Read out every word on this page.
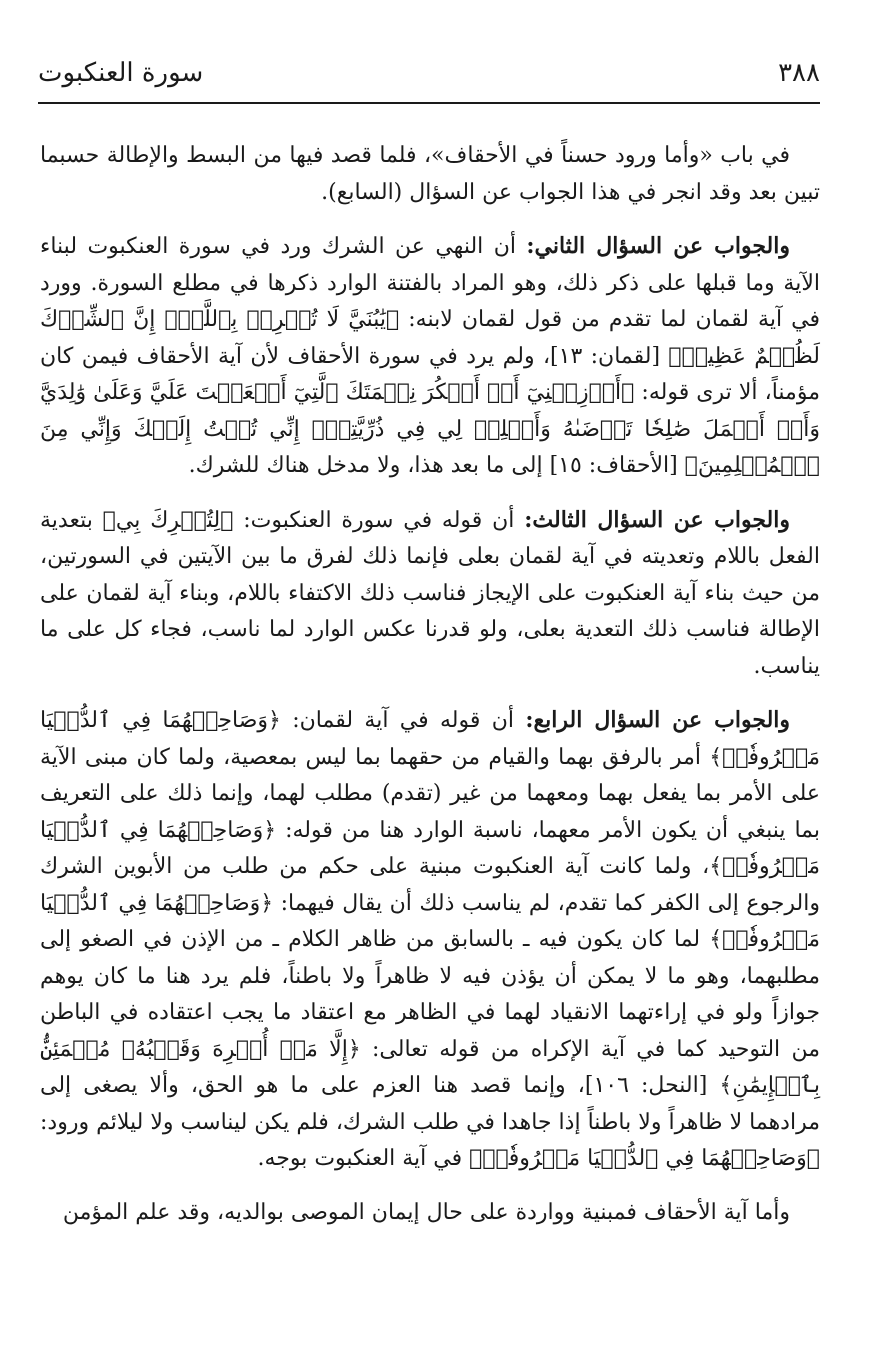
٣٨٨
سورة العنكبوت

في باب «وأما ورود حسناً في الأحقاف»، فلما قصد فيها من البسط والإطالة حسبما تبين بعد وقد انجر في هذا الجواب عن السؤال (السابع).

والجواب عن السؤال الثاني: أن النهي عن الشرك ورد في سورة العنكبوت لبناء الآية وما قبلها على ذكر ذلك، وهو المراد بالفتنة الوارد ذكرها في مطلع السورة. وورد في آية لقمان لما تقدم من قول لقمان لابنه: ﴿يَٰبُنَيَّ لَا تُشۡرِكۡ بِٱللَّهِۖ إِنَّ ٱلشِّرۡكَ لَظُلۡمٌ عَظِيمٞ﴾ [لقمان: ١٣]، ولم يرد في سورة الأحقاف لأن آية الأحقاف فيمن كان مؤمناً، ألا ترى قوله: ﴿أَوۡزِعۡنِيٓ أَنۡ أَشۡكُرَ نِعۡمَتَكَ ٱلَّتِيٓ أَنۡعَمۡتَ عَلَيَّ وَعَلَىٰ وَٰلِدَيَّ وَأَنۡ أَعۡمَلَ صَٰلِحٗا تَرۡضَىٰهُ وَأَصۡلِحۡ لِي فِي ذُرِّيَّتِيٓۖ إِنِّي تُبۡتُ إِلَيۡكَ وَإِنِّي مِنَ ٱلۡمُسۡلِمِينَ﴾ [الأحقاف: ١٥] إلى ما بعد هذا، ولا مدخل هناك للشرك.

والجواب عن السؤال الثالث: أن قوله في سورة العنكبوت: ﴿لِتُشۡرِكَ بِي﴾ بتعدية الفعل باللام وتعديته في آية لقمان بعلى فإنما ذلك لفرق ما بين الآيتين في السورتين، من حيث بناء آية العنكبوت على الإيجاز فناسب ذلك الاكتفاء باللام، وبناء آية لقمان على الإطالة فناسب ذلك التعدية بعلى، ولو قدرنا عكس الوارد لما ناسب، فجاء كل على ما يناسب.

والجواب عن السؤال الرابع: أن قوله في آية لقمان: ﴿وَصَاحِبۡهُمَا فِي ٱلدُّنۡيَا مَعۡرُوفٗاۖ﴾ أمر بالرفق بهما والقيام من حقهما بما ليس بمعصية، ولما كان مبنى الآية على الأمر بما يفعل بهما ومعهما من غير (تقدم) مطلب لهما، وإنما ذلك على التعريف بما ينبغي أن يكون الأمر معهما، ناسبة الوارد هنا من قوله: ﴿وَصَاحِبۡهُمَا فِي ٱلدُّنۡيَا مَعۡرُوفٗاۖ﴾، ولما كانت آية العنكبوت مبنية على حكم من طلب من الأبوين الشرك والرجوع إلى الكفر كما تقدم، لم يناسب ذلك أن يقال فيهما: ﴿وَصَاحِبۡهُمَا فِي ٱلدُّنۡيَا مَعۡرُوفٗاۖ﴾ لما كان يكون فيه ـ بالسابق من ظاهر الكلام ـ من الإذن في الصغو إلى مطلبهما، وهو ما لا يمكن أن يؤذن فيه لا ظاهراً ولا باطناً، فلم يرد هنا ما كان يوهم جوازاً ولو في إراءتهما الانقياد لهما في الظاهر مع اعتقاد ما يجب اعتقاده في الباطن من التوحيد كما في آية الإكراه من قوله تعالى: ﴿إِلَّا مَنۡ أُكۡرِهَ وَقَلۡبُهُۥ مُطۡمَئِنُّۢ بِٱلۡإِيمَٰنِ﴾ [النحل: ١٠٦]، وإنما قصد هنا العزم على ما هو الحق، وألا يصغى إلى مرادهما لا ظاهراً ولا باطناً إذا جاهدا في طلب الشرك، فلم يكن ليناسب ولا ليلائم ورود: ﴿وَصَاحِبۡهُمَا فِي ٱلدُّنۡيَا مَعۡرُوفٗاۖ﴾ في آية العنكبوت بوجه.

وأما آية الأحقاف فمبنية وواردة على حال إيمان الموصى بوالديه، وقد علم المؤمن
